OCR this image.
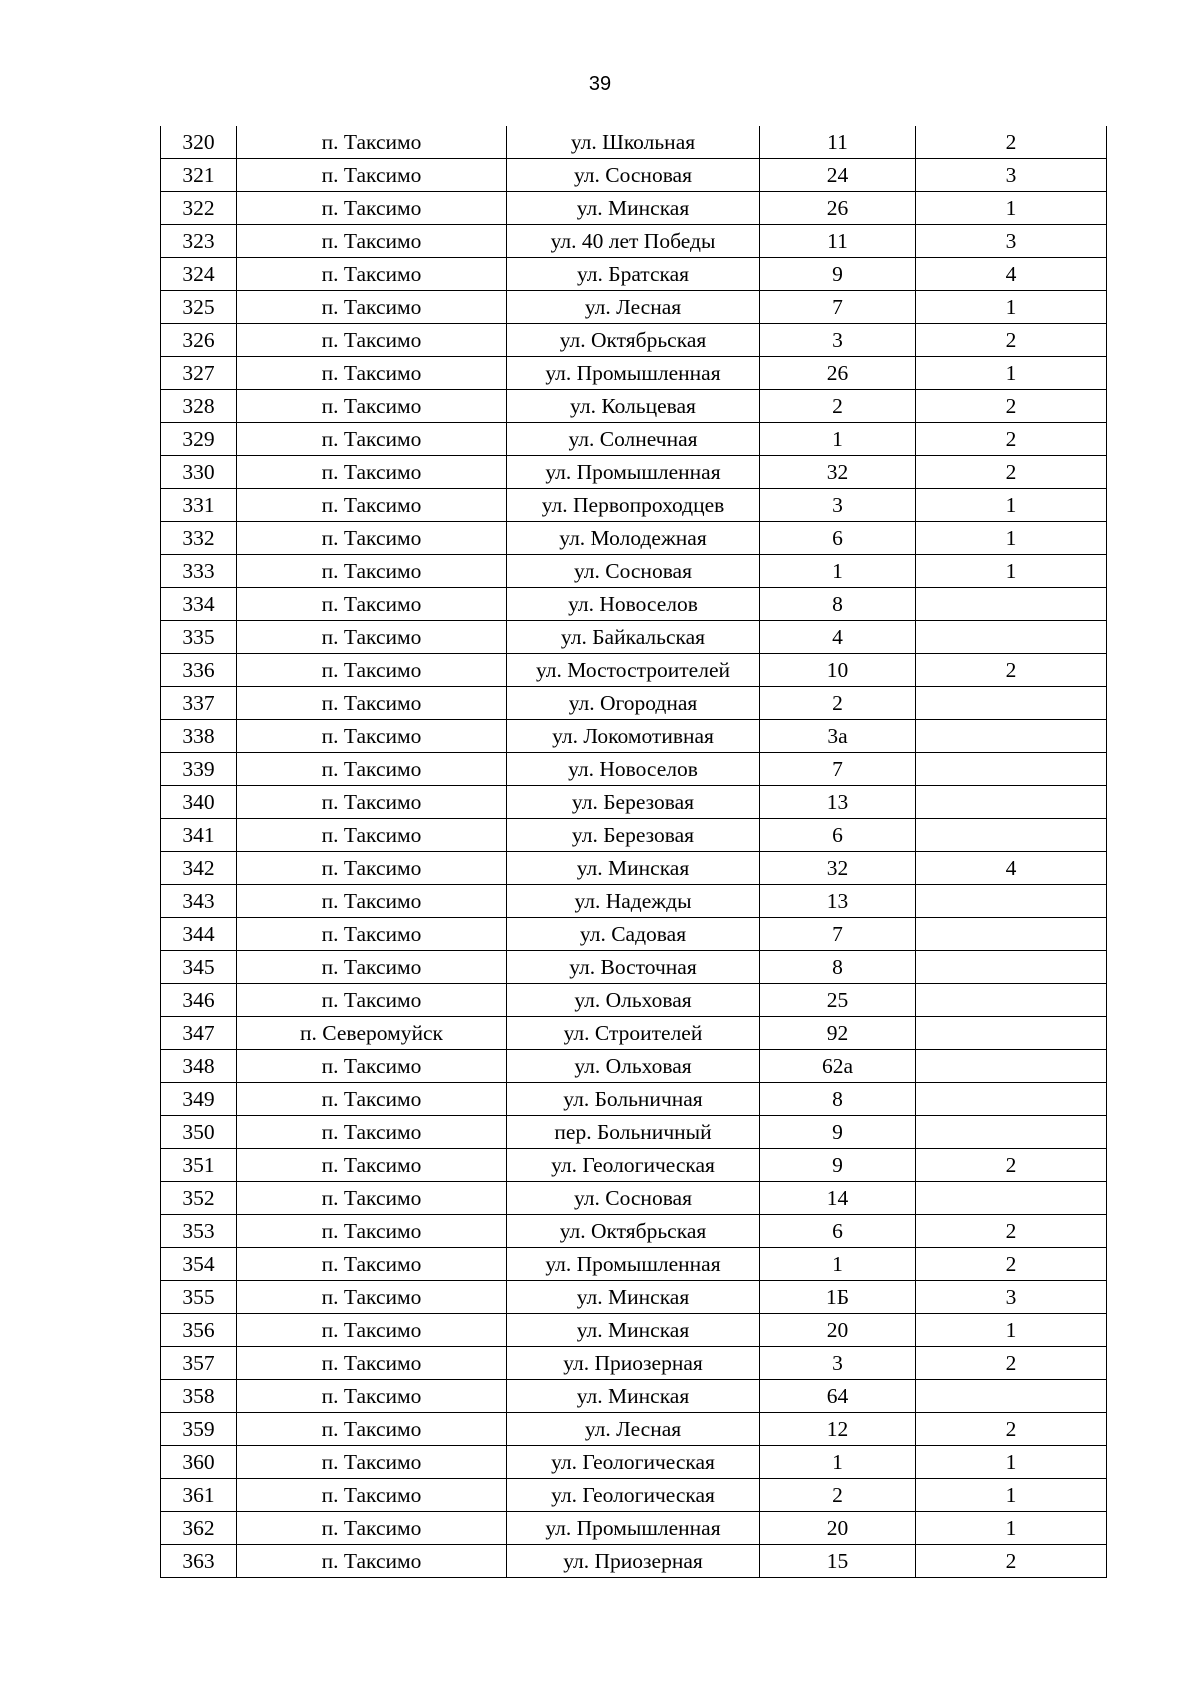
39
320	п. Таксимо	ул. Школьная	11	2
321	п. Таксимо	ул. Сосновая	24	3
322	п. Таксимо	ул. Минская	26	1
323	п. Таксимо	ул. 40 лет Победы	11	3
324	п. Таксимо	ул. Братская	9	4
325	п. Таксимо	ул. Лесная	7	1
326	п. Таксимо	ул. Октябрьская	3	2
327	п. Таксимо	ул. Промышленная	26	1
328	п. Таксимо	ул. Кольцевая	2	2
329	п. Таксимо	ул. Солнечная	1	2
330	п. Таксимо	ул. Промышленная	32	2
331	п. Таксимо	ул. Первопроходцев	3	1
332	п. Таксимо	ул. Молодежная	6	1
333	п. Таксимо	ул. Сосновая	1	1
334	п. Таксимо	ул. Новоселов	8	
335	п. Таксимо	ул. Байкальская	4	
336	п. Таксимо	ул. Мостостроителей	10	2
337	п. Таксимо	ул. Огородная	2	
338	п. Таксимо	ул. Локомотивная	3а	
339	п. Таксимо	ул. Новоселов	7	
340	п. Таксимо	ул. Березовая	13	
341	п. Таксимо	ул. Березовая	6	
342	п. Таксимо	ул. Минская	32	4
343	п. Таксимо	ул. Надежды	13	
344	п. Таксимо	ул. Садовая	7	
345	п. Таксимо	ул. Восточная	8	
346	п. Таксимо	ул. Ольховая	25	
347	п. Северомуйск	ул. Строителей	92	
348	п. Таксимо	ул. Ольховая	62а	
349	п. Таксимо	ул. Больничная	8	
350	п. Таксимо	пер. Больничный	9	
351	п. Таксимо	ул. Геологическая	9	2
352	п. Таксимо	ул. Сосновая	14	
353	п. Таксимо	ул. Октябрьская	6	2
354	п. Таксимо	ул. Промышленная	1	2
355	п. Таксимо	ул. Минская	1Б	3
356	п. Таксимо	ул. Минская	20	1
357	п. Таксимо	ул. Приозерная	3	2
358	п. Таксимо	ул. Минская	64	
359	п. Таксимо	ул. Лесная	12	2
360	п. Таксимо	ул. Геологическая	1	1
361	п. Таксимо	ул. Геологическая	2	1
362	п. Таксимо	ул. Промышленная	20	1
363	п. Таксимо	ул. Приозерная	15	2
